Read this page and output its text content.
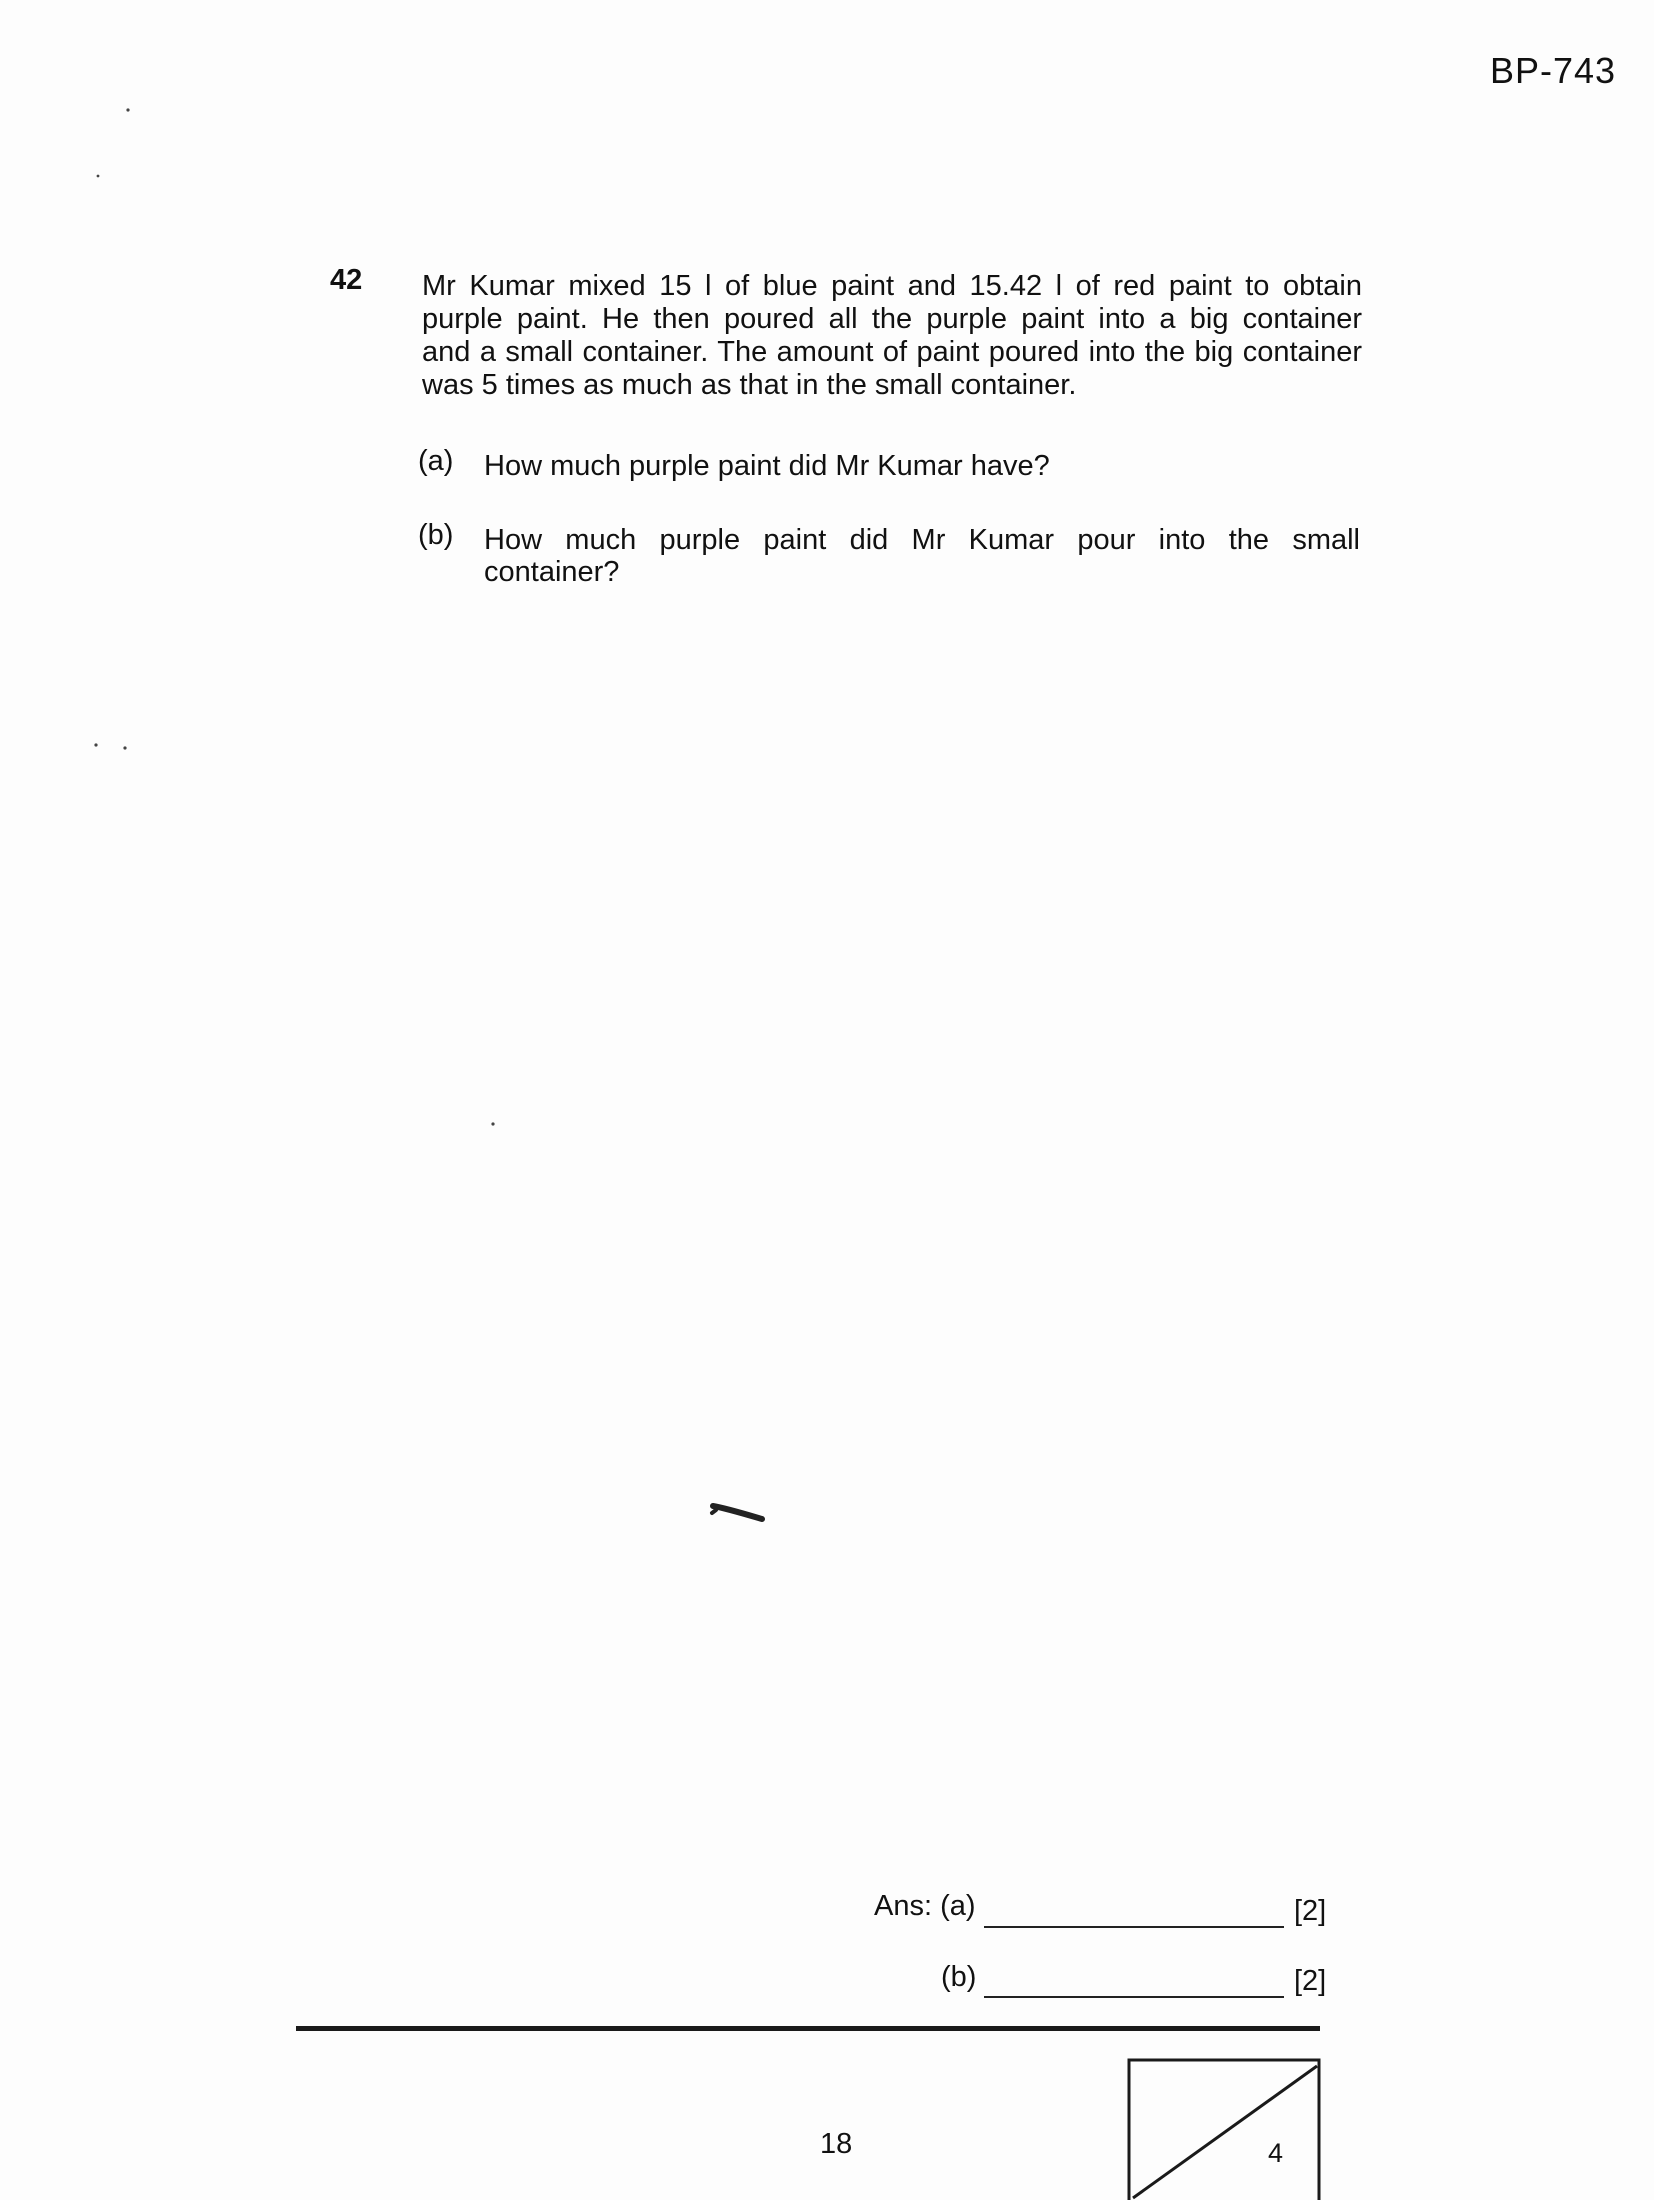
BP-743
42 Mr Kumar mixed 15 l of blue paint and 15.42 l of red paint to obtain
purple paint. He then poured all the purple paint into a big container
and a small container. The amount of paint poured into the big container
was 5 times as much as that in the small container.
(a) How much purple paint did Mr Kumar have?
(b) How much purple paint did Mr Kumar pour into the small
container?
Ans: (a)	[2]
(b)	[2]
18	4
